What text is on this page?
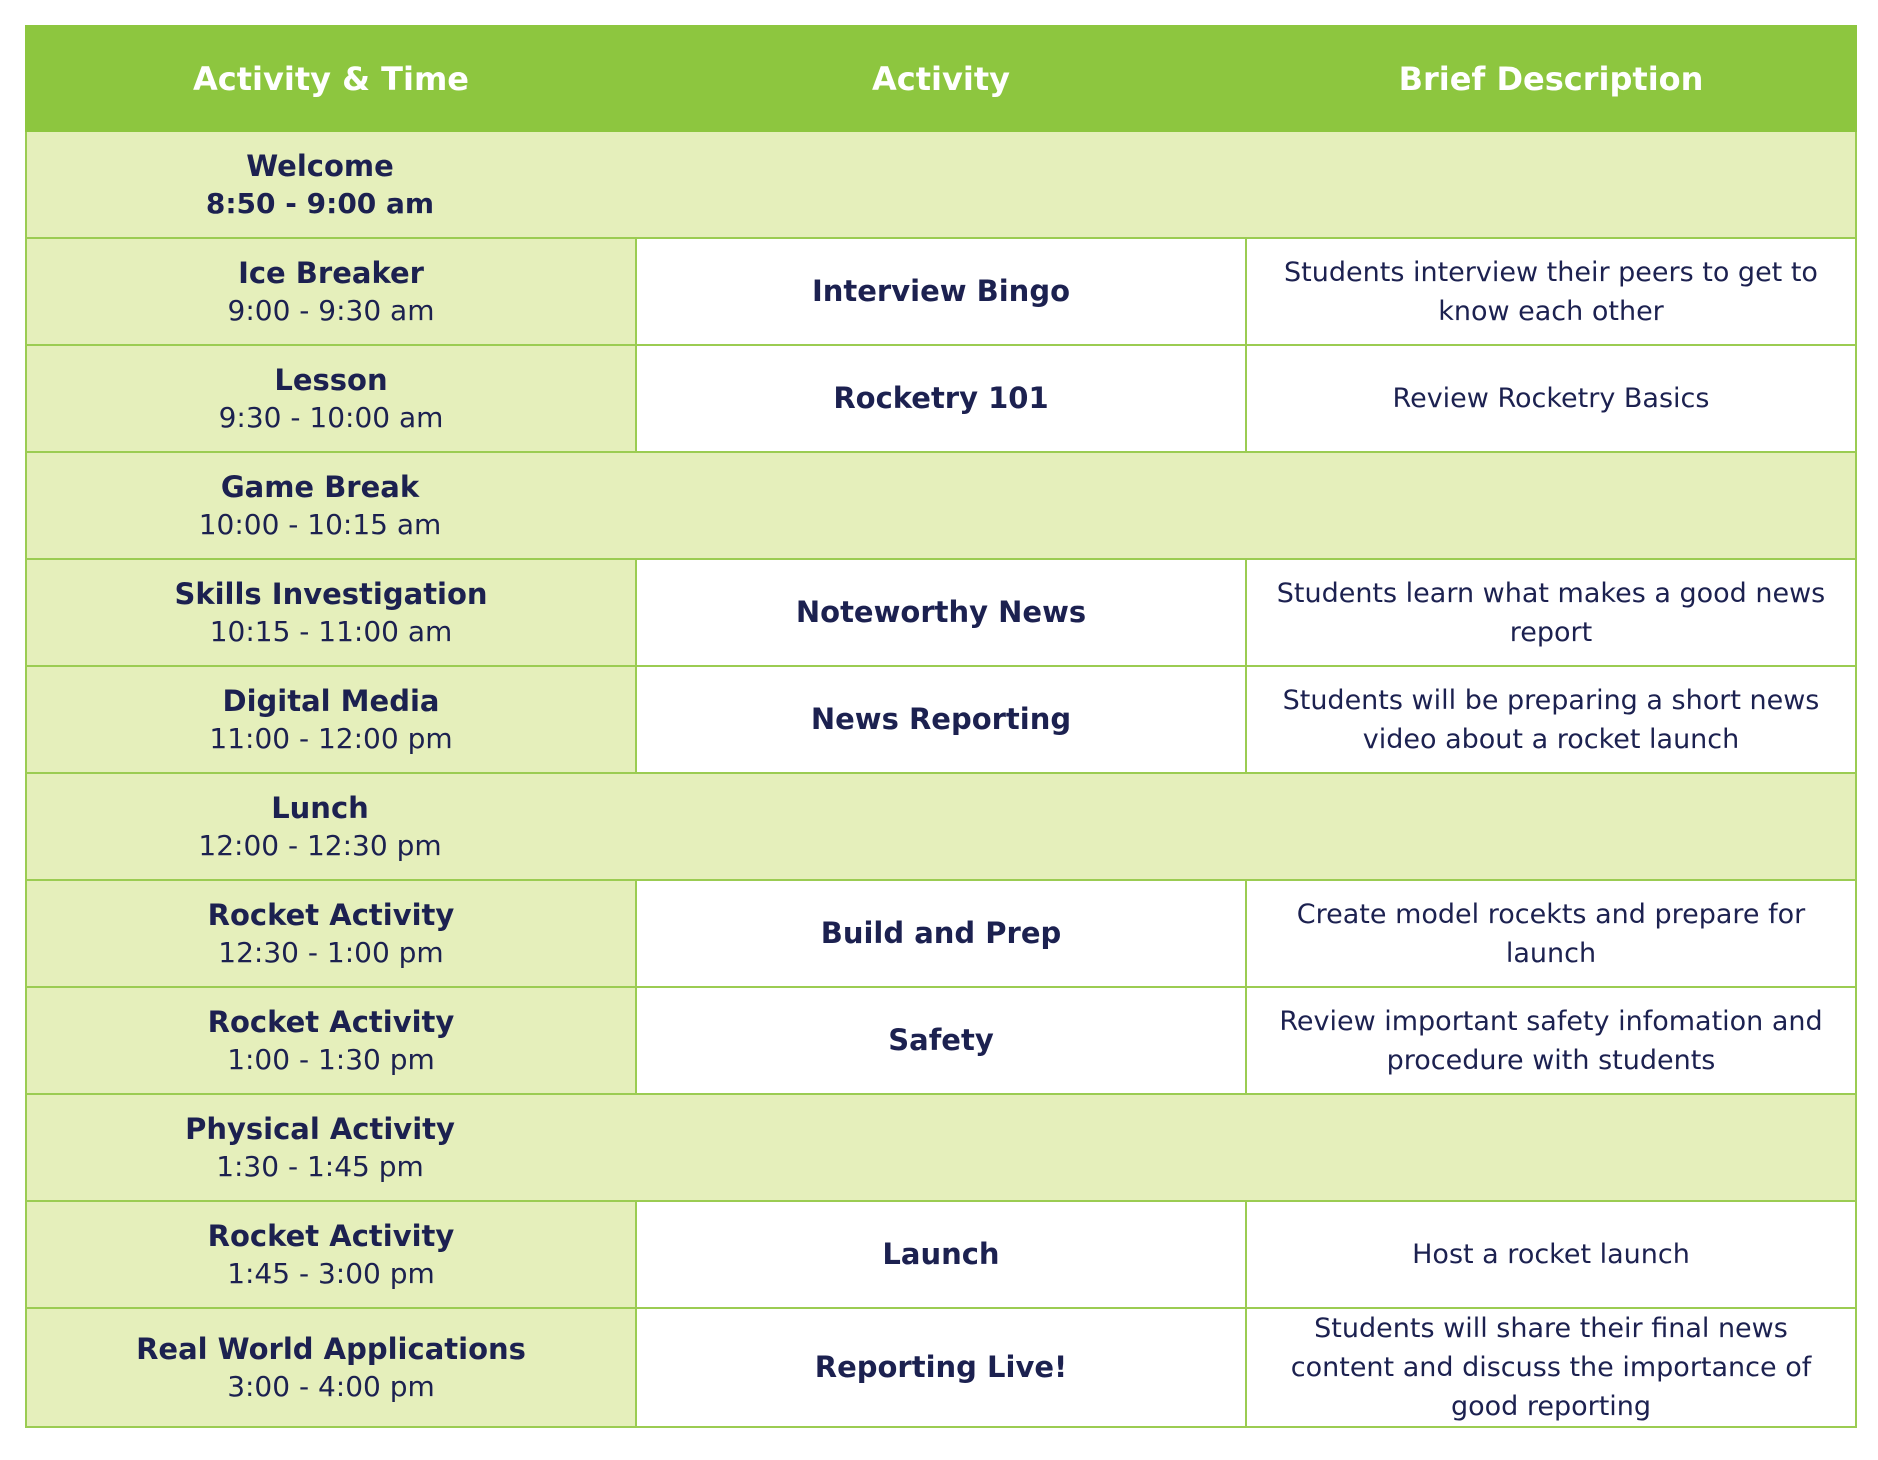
Activity & Time	Activity	Brief Description

Welcome
8:50 - 9:00 am		

Ice Breaker
9:00 - 9:30 am	Interview Bingo	Students interview their peers to get to know each other

Lesson
9:30 - 10:00 am	Rocketry 101	Review Rocketry Basics

Game Break
10:00 - 10:15 am		

Skills Investigation
10:15 - 11:00 am	Noteworthy News	Students learn what makes a good news report

Digital Media
11:00 - 12:00 pm	News Reporting	Students will be preparing a short news video about a rocket launch

Lunch
12:00 - 12:30 pm		

Rocket Activity
12:30 - 1:00 pm	Build and Prep	Create model rocekts and prepare for launch

Rocket Activity
1:00 - 1:30 pm	Safety	Review important safety infomation and procedure with students

Physical Activity
1:30 - 1:45 pm		

Rocket Activity
1:45 - 3:00 pm	Launch	Host a rocket launch

Real World Applications
3:00 - 4:00 pm	Reporting Live!	Students will share their final news content and discuss the importance of good reporting
